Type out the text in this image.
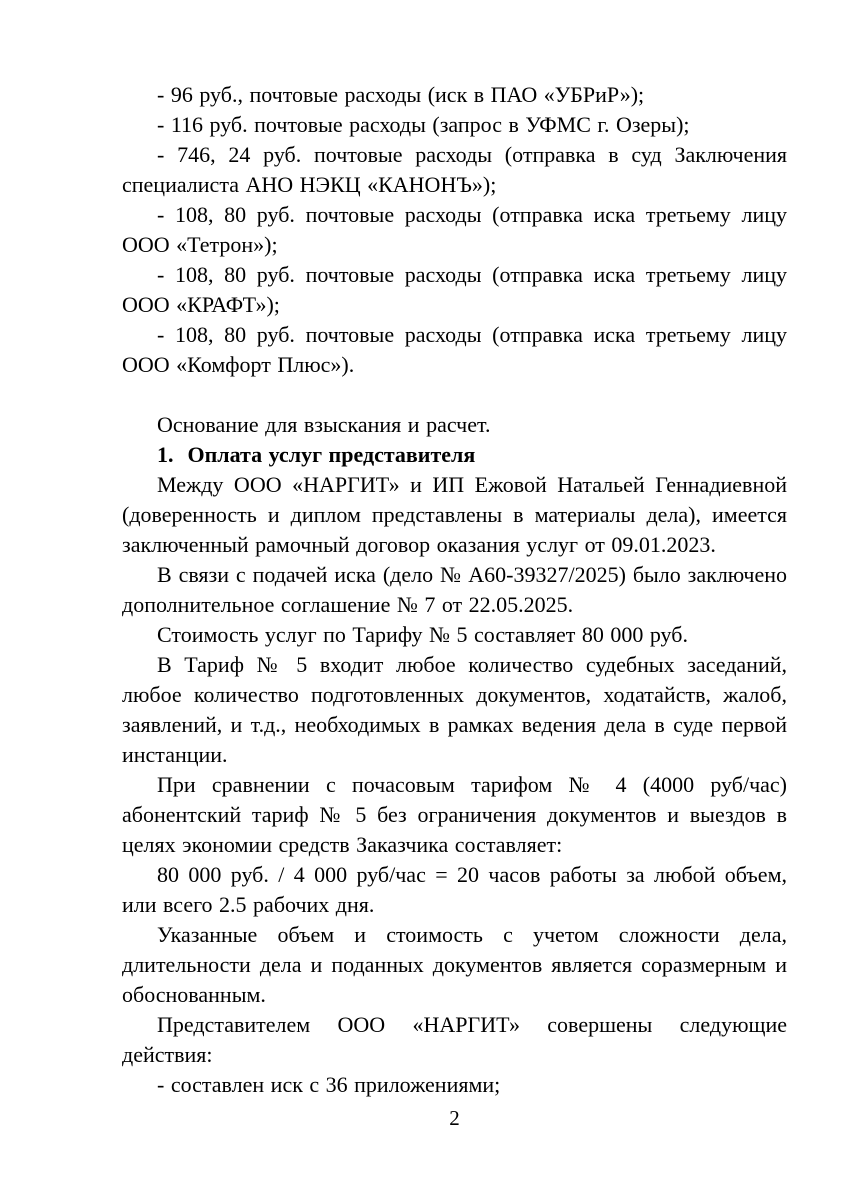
- 96 руб., почтовые расходы (иск в ПАО «УБРиР»);

- 116 руб. почтовые расходы (запрос в УФМС г. Озеры);

- 746, 24 руб. почтовые расходы (отправка в суд Заключения специалиста АНО НЭКЦ «КАНОНЪ»);

- 108, 80 руб. почтовые расходы (отправка иска третьему лицу ООО «Тетрон»);

- 108, 80 руб. почтовые расходы (отправка иска третьему лицу ООО «КРАФТ»);

- 108, 80 руб. почтовые расходы (отправка иска третьему лицу ООО «Комфорт Плюс»).

Основание для взыскания и расчет.

1. Оплата услуг представителя

Между ООО «НАРГИТ» и ИП Ежовой Натальей Геннадиевной (доверенность и диплом представлены в материалы дела), имеется заключенный рамочный договор оказания услуг от 09.01.2023.

В связи с подачей иска (дело № А60-39327/2025) было заключено дополнительное соглашение № 7 от 22.05.2025.

Стоимость услуг по Тарифу № 5 составляет 80 000 руб.

В Тариф № 5 входит любое количество судебных заседаний, любое количество подготовленных документов, ходатайств, жалоб, заявлений, и т.д., необходимых в рамках ведения дела в суде первой инстанции.

При сравнении с почасовым тарифом № 4 (4000 руб/час) абонентский тариф № 5 без ограничения документов и выездов в целях экономии средств Заказчика составляет:

80 000 руб. / 4 000 руб/час = 20 часов работы за любой объем, или всего 2.5 рабочих дня.

Указанные объем и стоимость с учетом сложности дела, длительности дела и поданных документов является соразмерным и обоснованным.

Представителем ООО «НАРГИТ» совершены следующие действия:

- составлен иск с 36 приложениями;

2
